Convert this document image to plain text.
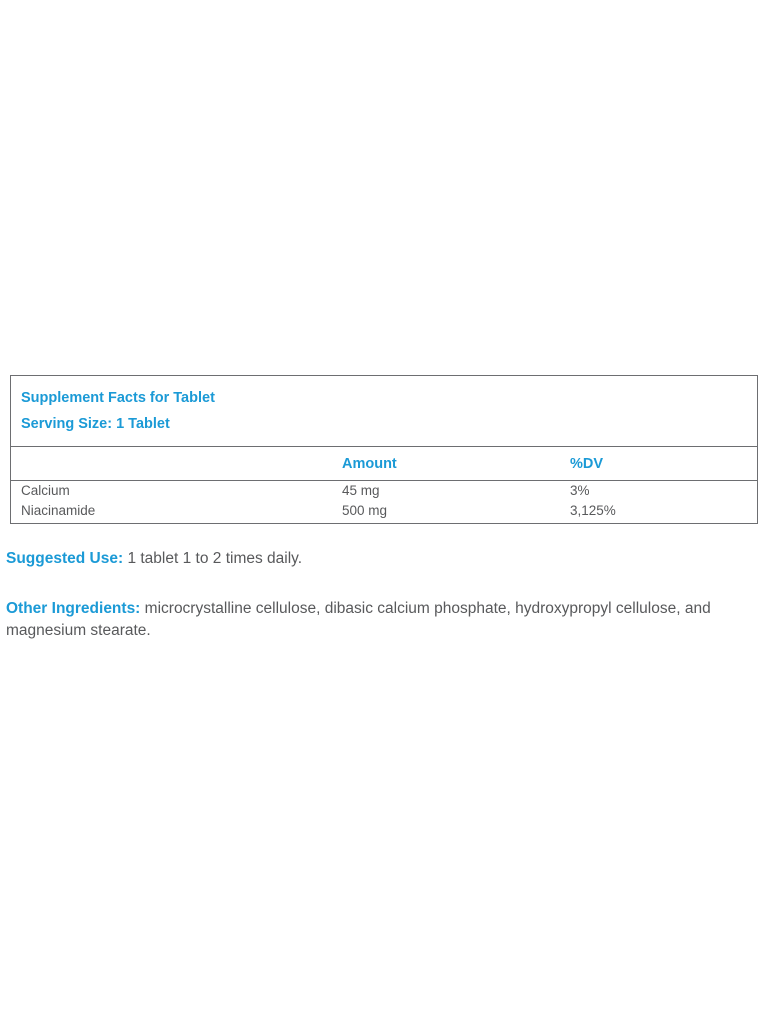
Supplement Facts for Tablet
Serving Size: 1 Tablet
	Amount	%DV
Calcium	45 mg	3%
Niacinamide	500 mg	3,125%
Suggested Use: 1 tablet 1 to 2 times daily.
Other Ingredients: microcrystalline cellulose, dibasic calcium phosphate, hydroxypropyl cellulose, and magnesium stearate.
